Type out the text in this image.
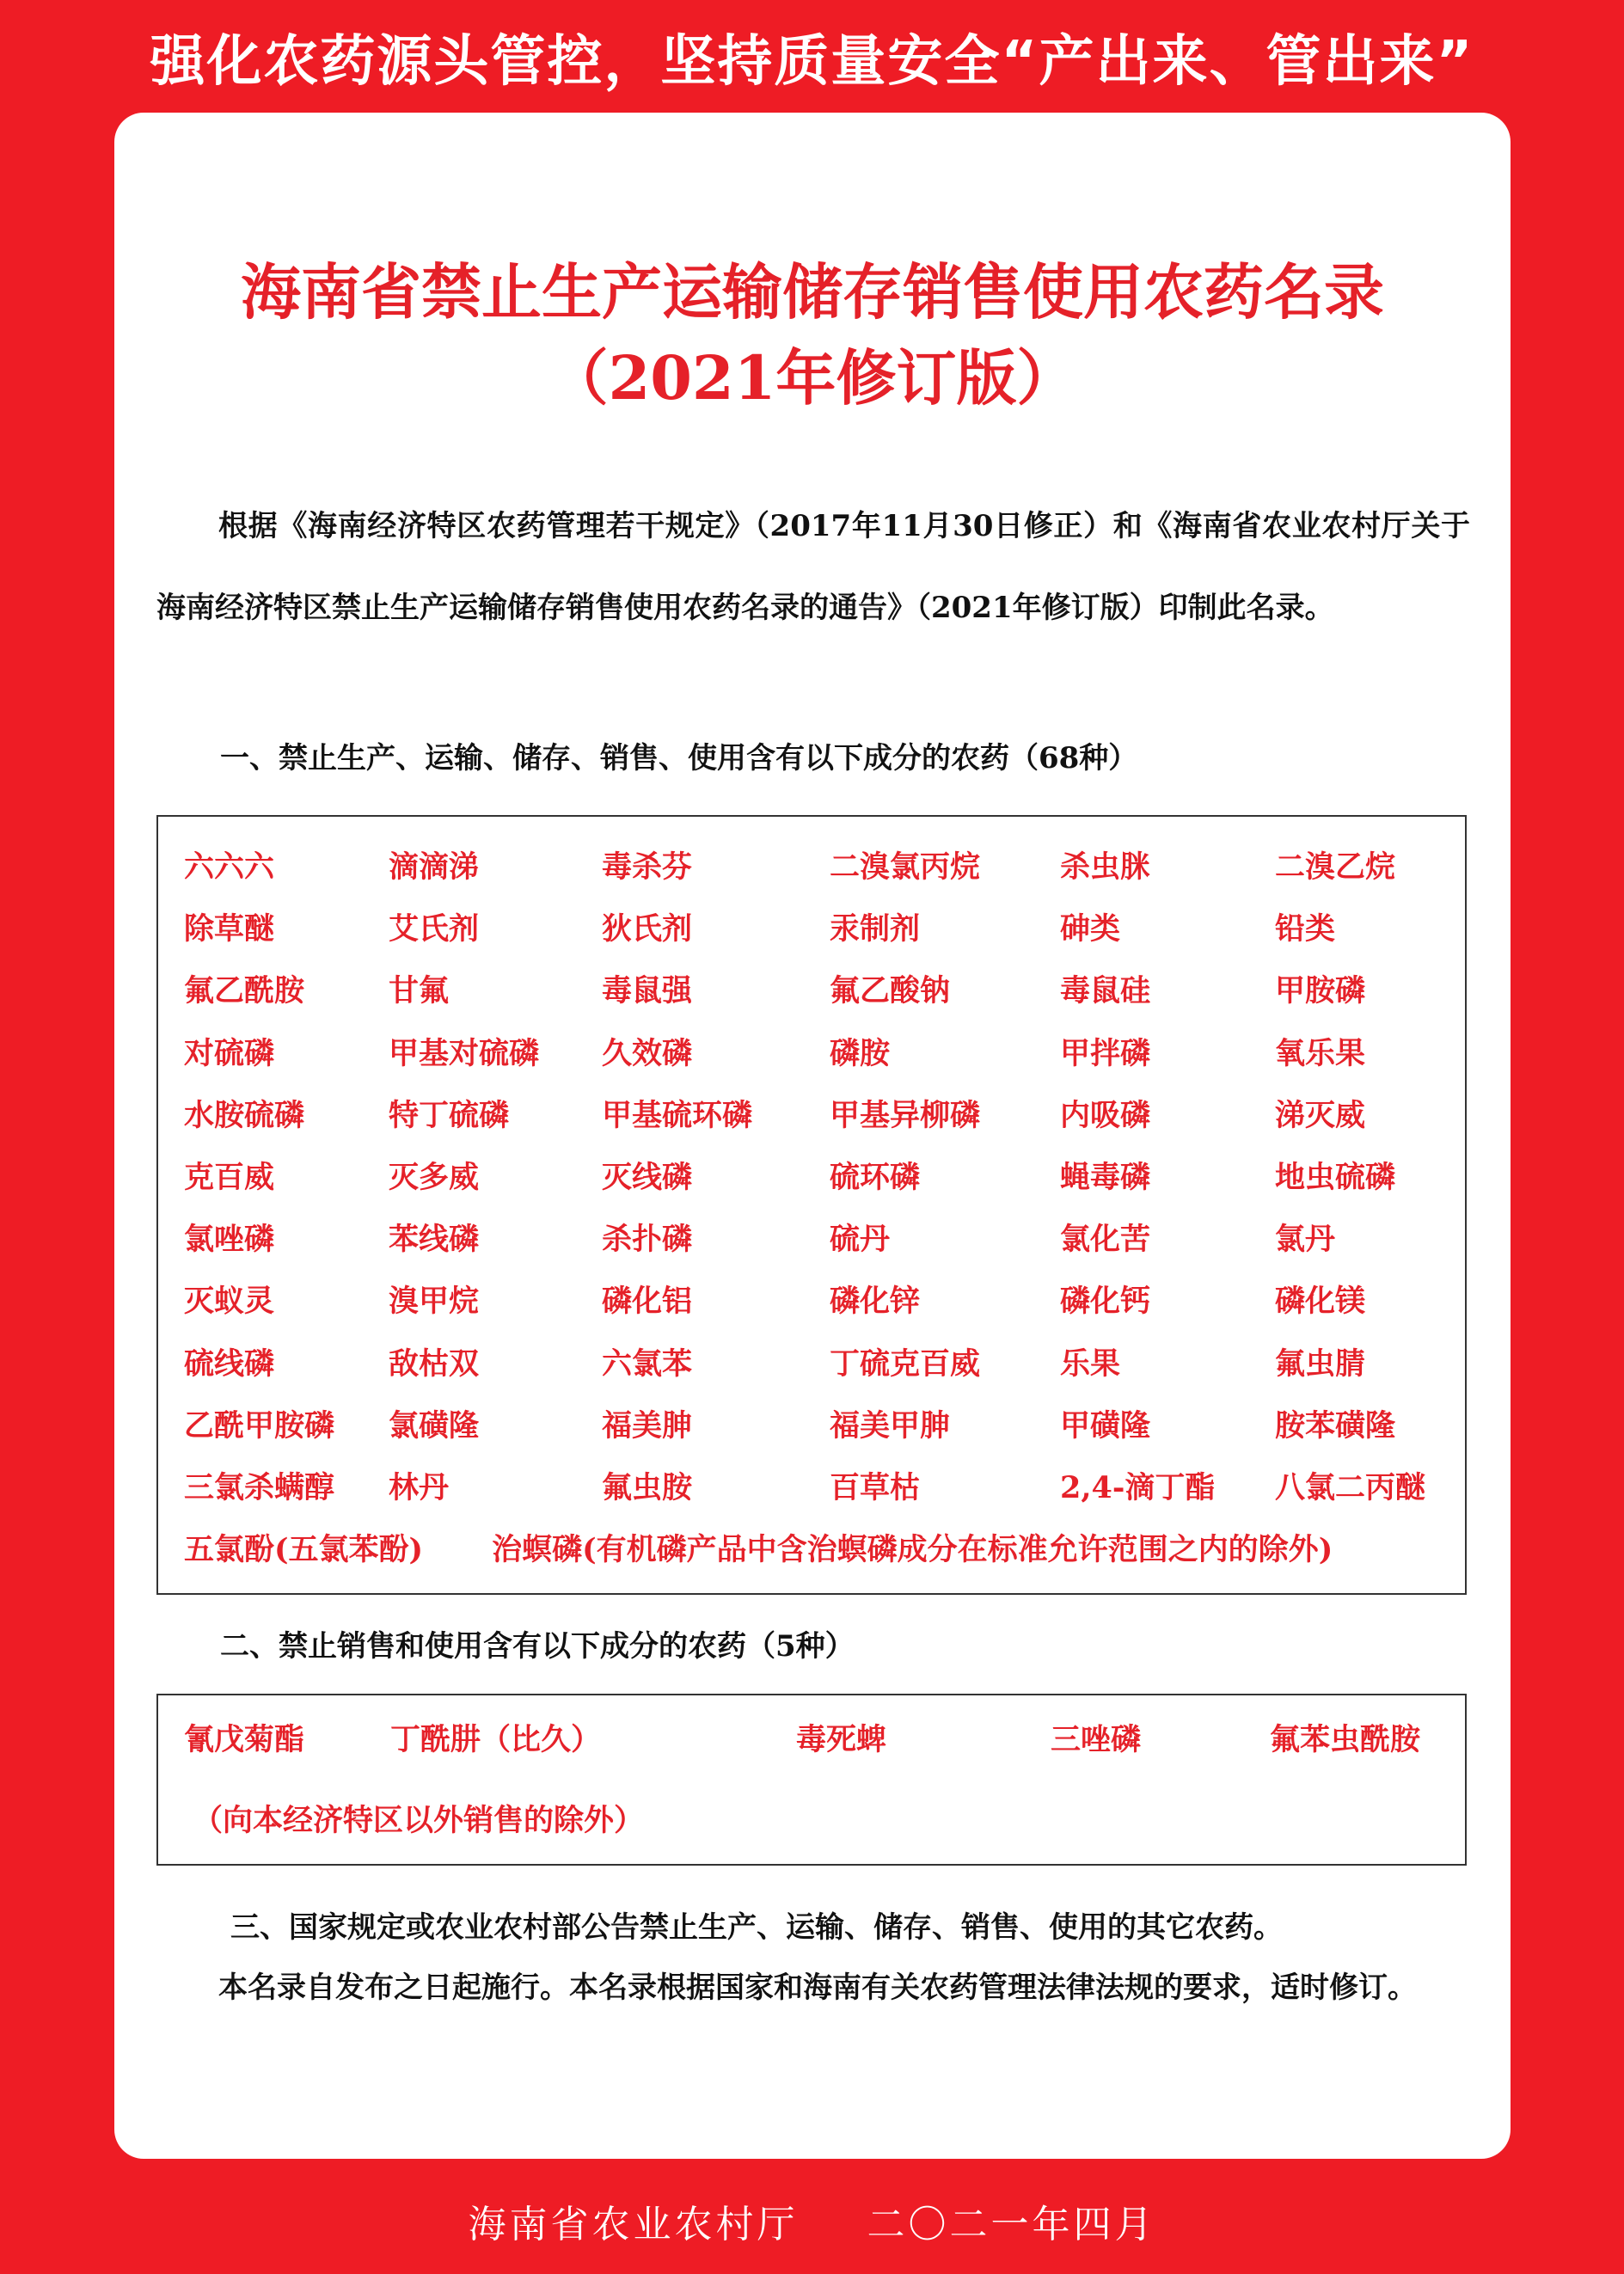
强化农药源头管控，坚持质量安全“产出来、管出来”
海南省禁止生产运输储存销售使用农药名录
（2021年修订版）
根据《海南经济特区农药管理若干规定》（2017年11月30日修正）和《海南省农业农村厅关于海南经济特区禁止生产运输储存销售使用农药名录的通告》（2021年修订版）印制此名录。
一、禁止生产、运输、储存、销售、使用含有以下成分的农药（68种）
六六六	滴滴涕	毒杀芬	二溴氯丙烷	杀虫脒	二溴乙烷
除草醚	艾氏剂	狄氏剂	汞制剂	砷类	铅类
氟乙酰胺	甘氟	毒鼠强	氟乙酸钠	毒鼠硅	甲胺磷
对硫磷	甲基对硫磷	久效磷	磷胺	甲拌磷	氧乐果
水胺硫磷	特丁硫磷	甲基硫环磷	甲基异柳磷	内吸磷	涕灭威
克百威	灭多威	灭线磷	硫环磷	蝇毒磷	地虫硫磷
氯唑磷	苯线磷	杀扑磷	硫丹	氯化苦	氯丹
灭蚁灵	溴甲烷	磷化铝	磷化锌	磷化钙	磷化镁
硫线磷	敌枯双	六氯苯	丁硫克百威	乐果	氟虫腈
乙酰甲胺磷	氯磺隆	福美胂	福美甲胂	甲磺隆	胺苯磺隆
三氯杀螨醇	林丹	氟虫胺	百草枯	2,4-滴丁酯	八氯二丙醚
五氯酚(五氯苯酚) 治螟磷(有机磷产品中含治螟磷成分在标准允许范围之内的除外)
二、禁止销售和使用含有以下成分的农药（5种）
氰戊菊酯	丁酰肼（比久）	毒死蜱	三唑磷	氟苯虫酰胺
（向本经济特区以外销售的除外）
三、国家规定或农业农村部公告禁止生产、运输、储存、销售、使用的其它农药。
本名录自发布之日起施行。本名录根据国家和海南有关农药管理法律法规的要求，适时修订。
海南省农业农村厅 二〇二一年四月
